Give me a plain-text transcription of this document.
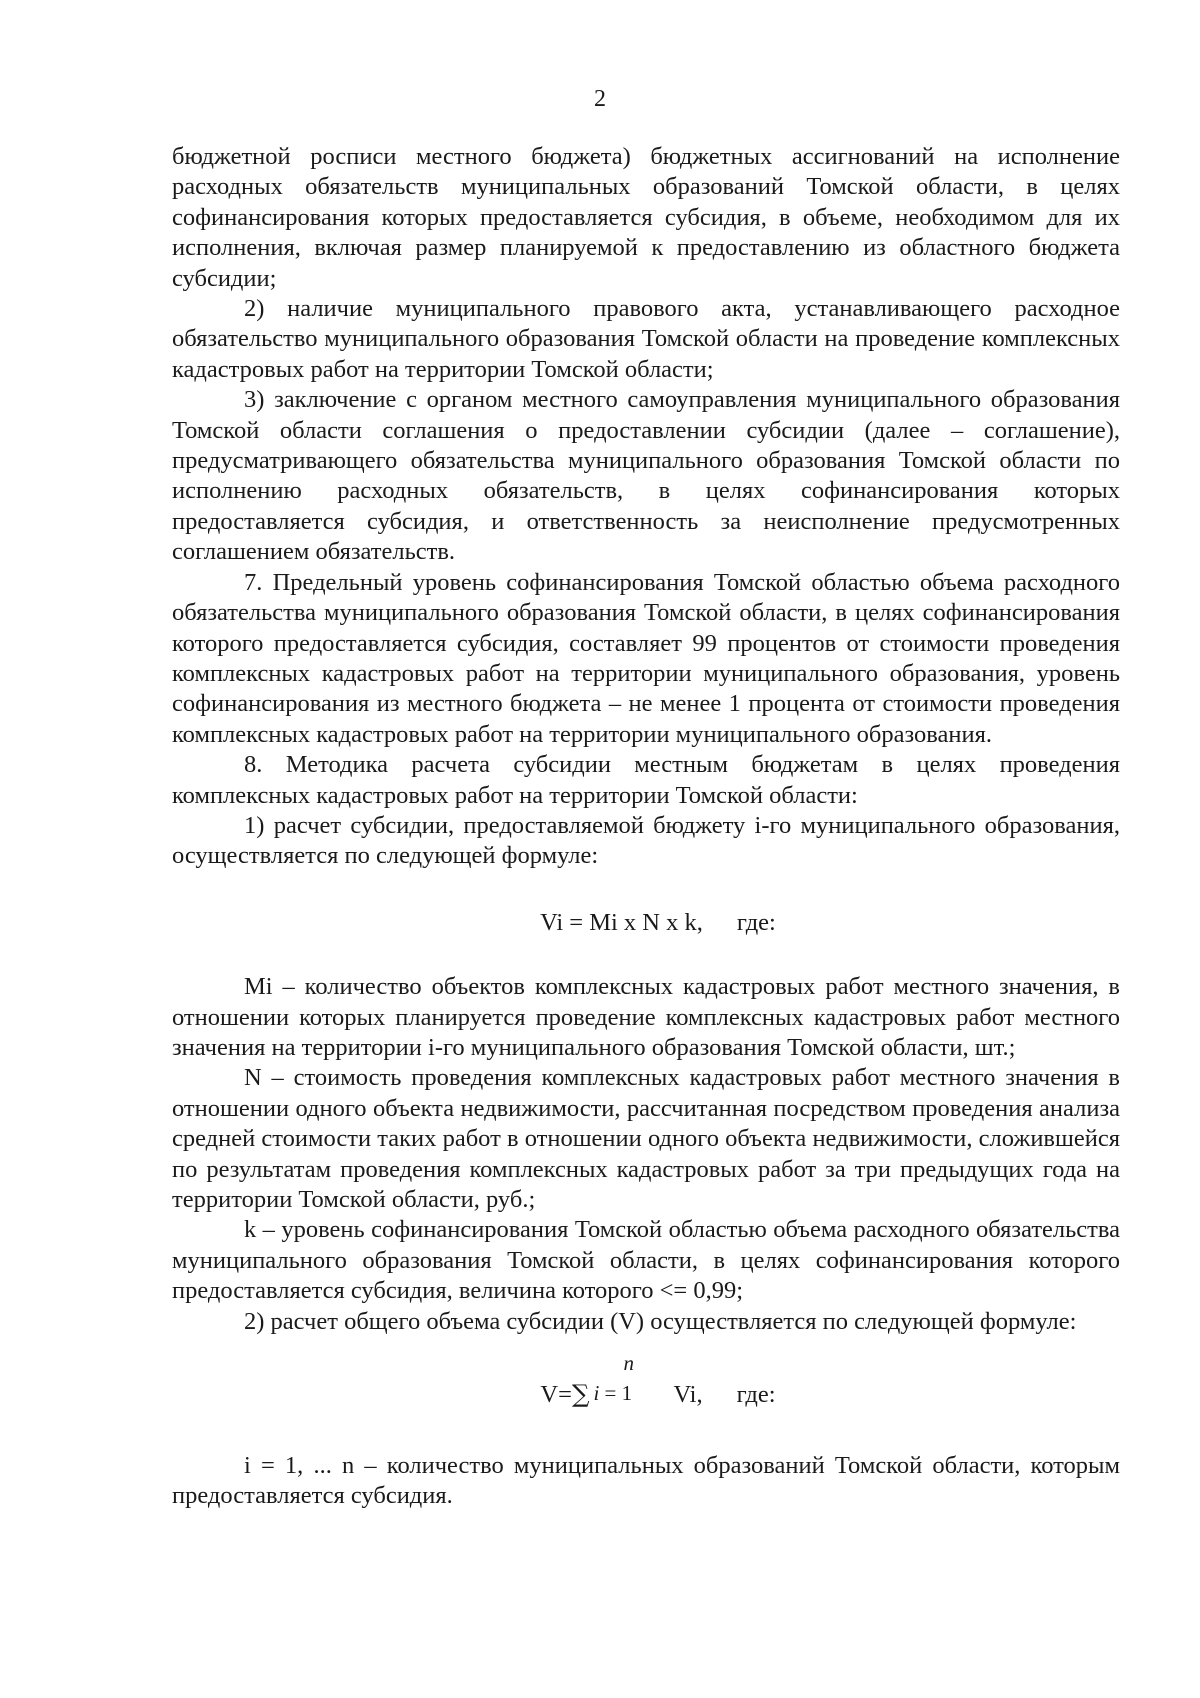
2

бюджетной росписи местного бюджета) бюджетных ассигнований на исполнение расходных обязательств муниципальных образований Томской области, в целях софинансирования которых предоставляется субсидия, в объеме, необходимом для их исполнения, включая размер планируемой к предоставлению из областного бюджета субсидии;

2) наличие муниципального правового акта, устанавливающего расходное обязательство муниципального образования Томской области на проведение комплексных кадастровых работ на территории Томской области;

3) заключение с органом местного самоуправления муниципального образования Томской области соглашения о предоставлении субсидии (далее – соглашение), предусматривающего обязательства муниципального образования Томской области по исполнению расходных обязательств, в целях софинансирования которых предоставляется субсидия, и ответственность за неисполнение предусмотренных соглашением обязательств.

7. Предельный уровень софинансирования Томской областью объема расходного обязательства муниципального образования Томской области, в целях софинансирования которого предоставляется субсидия, составляет 99 процентов от стоимости проведения комплексных кадастровых работ на территории муниципального образования, уровень софинансирования из местного бюджета – не менее 1 процента от стоимости проведения комплексных кадастровых работ на территории муниципального образования.

8. Методика расчета субсидии местным бюджетам в целях проведения комплексных кадастровых работ на территории Томской области:

1) расчет субсидии, предоставляемой бюджету i-го муниципального образования, осуществляется по следующей формуле:

Vi = Mi x N x k, где:

Mi – количество объектов комплексных кадастровых работ местного значения, в отношении которых планируется проведение комплексных кадастровых работ местного значения на территории i-го муниципального образования Томской области, шт.;

N – стоимость проведения комплексных кадастровых работ местного значения в отношении одного объекта недвижимости, рассчитанная посредством проведения анализа средней стоимости таких работ в отношении одного объекта недвижимости, сложившейся по результатам проведения комплексных кадастровых работ за три предыдущих года на территории Томской области, руб.;

k – уровень софинансирования Томской областью объема расходного обязательства муниципального образования Томской области, в целях софинансирования которого предоставляется субсидия, величина которого <= 0,99;

2) расчет общего объема субсидии (V) осуществляется по следующей формуле:

V=∑
n
i = 1 Vi, где:

i = 1, ... n – количество муниципальных образований Томской области, которым предоставляется субсидия.
